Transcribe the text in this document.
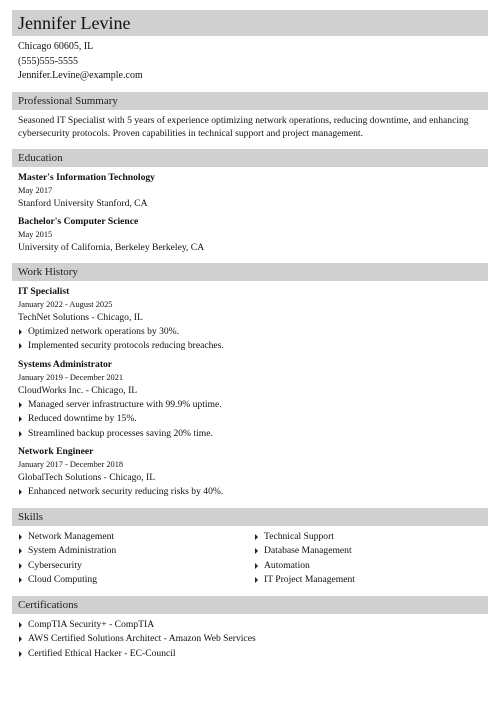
Jennifer Levine
Chicago 60605, IL
(555)555-5555
Jennifer.Levine@example.com
Professional Summary
Seasoned IT Specialist with 5 years of experience optimizing network operations, reducing downtime, and enhancing cybersecurity protocols. Proven capabilities in technical support and project management.
Education
Master's Information Technology
May 2017
Stanford University Stanford, CA
Bachelor's Computer Science
May 2015
University of California, Berkeley Berkeley, CA
Work History
IT Specialist
January 2022 - August 2025
TechNet Solutions - Chicago, IL
Optimized network operations by 30%.
Implemented security protocols reducing breaches.
Systems Administrator
January 2019 - December 2021
CloudWorks Inc. - Chicago, IL
Managed server infrastructure with 99.9% uptime.
Reduced downtime by 15%.
Streamlined backup processes saving 20% time.
Network Engineer
January 2017 - December 2018
GlobalTech Solutions - Chicago, IL
Enhanced network security reducing risks by 40%.
Skills
Network Management
System Administration
Cybersecurity
Cloud Computing
Technical Support
Database Management
Automation
IT Project Management
Certifications
CompTIA Security+ - CompTIA
AWS Certified Solutions Architect - Amazon Web Services
Certified Ethical Hacker - EC-Council
